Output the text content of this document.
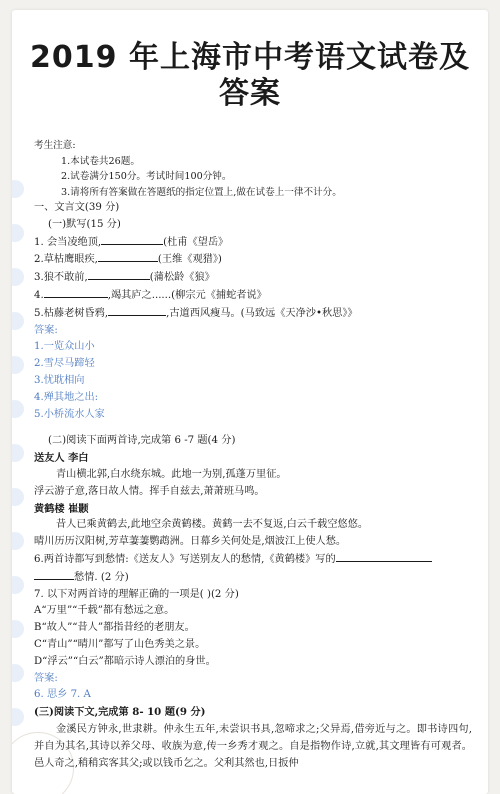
2019 年上海市中考语文试卷及
答案
考生注意:
1.本试卷共26题。
2.试卷满分150分。考试时间100分钟。
3.请将所有答案做在答题纸的指定位置上,做在试卷上一律不计分。
一、文言文(39 分)
(一)默写(15 分)
1. 会当凌绝顶,	(杜甫《望岳》
2.草枯鹰眼疾,	(王维《观猎》)
3.狼不敢前,	(蒲松龄《狼》
4.	,竭其庐之......(柳宗元《捕蛇者说》
5.枯藤老树昏鸦,	,古道西风瘦马。(马致远《天净沙•秋思》》
答案:
1.一览众山小
2.雪尽马蹄轻
3.忧耽相向
4.殚其地之出:
5.小桥流水人家
(二)阅读下面两首诗,完成第 6 -7 题(4 分)
送友人 李白
青山横北郭,白水绕东城。此地一为别,孤蓬万里征。
浮云游子意,落日故人情。挥手自兹去,萧萧班马鸣。
黄鹤楼 崔颢
昔人已乘黄鹤去,此地空余黄鹤楼。黄鹤一去不复返,白云千载空悠悠。
晴川历历汉阳树,芳草萋萋鹦鹉洲。日幕乡关何处是,烟波江上使人愁。
6.两首诗都写到愁情:《送友人》写送别友人的愁情,《黄鹤楼》写的
愁情. (2 分)
7. 以下对两首诗的理解正确的一项是( )(2 分)
A“万里”“千载”都有愁远之意。
B“故人”“昔人”都指昔经的老朋友。
C“青山”“晴川”都写了山色秀美之景。
D“浮云”“白云”都暗示诗人漂泊的身世。
答案:
6. 思乡 7. A
(三)阅读下文,完成第 8- 10 题(9 分)
金溪民方钟永,世隶耕。仲永生五年,未尝识书具,忽啼求之;父异焉,借旁近与之。即书诗四句,并自为其名,其诗以养父母、收族为意,传一乡秀才观之。自是指物作诗,立就,其文理皆有可观者。邑人奇之,稍稍宾客其父;或以钱币乞之。父利其然也,日扳仲
